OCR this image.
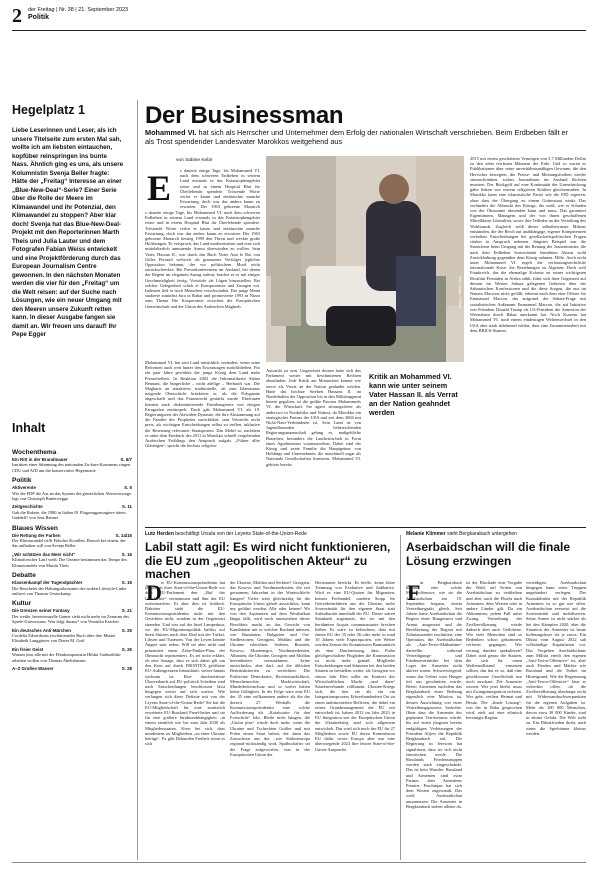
2 der Freitag | Nr. 38 | 21. September 2023
Politik
Hegelplatz 1
Liebe Leserinnen und Leser, als ich unsere Titelseite zum ersten Mal sah, wollte ich am liebsten eintauchen, kopfüber reinspringen ins bunte Nass. Ähnlich ging es uns, als unsere Kolumnistin Svenja Beller fragte: Hätte der „Freitag“ Interesse an einer „Blue-New-Deal“-Serie? Einer Serie über die Rolle der Meere im Klimawandel und ihr Potenzial, den Klimawandel zu stoppen? Aber klar doch! Svenja hat das Blue-New-Deal-Projekt mit den Reporterinnen Marth Theis und Julia Lauter und dem Fotografen Fabian Weiss entwickelt und eine Projektförderung durch das European Journalism Centre gewonnen. In den nächsten Monaten werden die vier für den „Freitag“ um die Welt reisen: auf der Suche nach Lösungen, wie ein neuer Umgang mit den Meeren unsere Zukunft retten kann. In dieser Ausgabe fangen sie damit an. Wir freuen uns darauf! Ihr Pepe Egger
Inhalt
Wochenthema
Ein Ritt in der Brandmauer	S. 6/7
Instititen einer Stimmung des nationalen Zu-kurz-Kommens ringen CDU und AfD um die konservative Hegemonie
Politik
Aktiverente	S. 5
Wie die FDP die Axt an das System der gesetzlichen Altersvorsorge legt von Christoph Butterwegge
Zeitgeschichte	S. 11
Gab die Rakete, die 1980 in Italien 81 Flugzeugpassagiere tötete, Gaddafi? von Jens Renner
Blaues Wissen
Die Rettung der Farben	S. 14/15
Der Klimawandel trifft Fidschis Korallen. Besuch bei einem, der das aufhalten will von Svenja Beller
„Wir schätzen das Meer nicht“	S. 16
Klimaforscher Latif weiß: Die Ozeane bestimmen das Tempo des Klimawandels von Martin Theis
Debatte
Klassenkampf der Tugendpächter	S. 19
Die Heuchelei der Haltungsökonomie der woken Lifestyle-Linke entlarvt von Thomas Gesterkamp
Kultur
Die Grenzen seiner Fantasy	S. 21
Der weiße, heterosexuelle Gamer sieht nicht mehr im Zentrum des Spiele-Universums. Was folgt daraus? von Veronika Kracher
Ein deutsches Anti-Märchen	S. 25
Cordelia Edvardsons erschütterndes Buch über ihre Mutter Elisabeth Langgässer von Dieter M. Gräf
Ein freier Geist	S. 26
Warum jetzt alle mit der Filmkomponistin Hildur Guðnadóttir arbeiten wollen von Thomas Abeltshauser
A–Z Großes Wasser	S. 28
Der Businessman
Mohammed VI. hat sich als Herrscher und Unternehmer dem Erfolg der nationalen Wirtschaft verschrieben. Beim Erdbeben fällt er als Trost spendender Landesvater Marokkos weitgehend aus
von Sabine Kebir
E s dauerte einige Tage, bis Mohammed VI. nach dem schweren Erdbeben in seinem Land erstmals in das Katastrophengebiet reiste und in einem Hospital Blut für Überlebende spendete. Tröstende Worte verlor er kaum und enttäuschte manche Erwartung, doch war das anders kaum zu erwarten. Der 1963 geborene Monarch
s dauerte einige Tage, bis Mohammed VI. nach dem schweren Erdbeben in seinem Land erstmals in das Katastrophengebiet reiste und in einem Hospital Blut für Überlebende spendete. Tröstende Worte verlor er kaum und enttäuschte manche Erwartung, doch war das anders kaum zu erwarten. Der 1963 geborene Monarch bestieg 1999 den Thron und weckte große Hoffnungen. Er versprach, das Land modernisieren und eine sich mittelalterlich anmutende Armut überwinden zu wollen. Sein Vater, Hassan II., war durch das Buch Notre Ami le Roi von Gilles Perrault weltweit als grausamer Verfolger jeglicher Opposition bekannt, der vor politischem Mord nicht zurückschreckte. Bei Pressekonferenzen im Ausland, bei denen der Regent im eleganten Anzug auftrat, brachte er es mit einiger Geschmeidigkeit fertig, Vorwürfe als Lügen hinzustellen. Bei solcher Gelegenheit schob er Kompromisse und Zusagen vor. Indessen ließ er noch Menschen verschwinden. Der junge Mann studierte zunächst Jura in Rabat und promovierte 1993 in Nizza zum Thema Die Kooperation zwischen der Europäischen Gemeinschaft und der Union des Arabischen Maghreb.
Mohammed VI. hat sein Land tatsächlich verändert, wenn seine Reformen auch weit hinter den Erwartungen zurückblieben. Für ein paar Jahre gewährte der junge König dem Land mehr Pressefreiheit. In Reaktion 2002 die Informatikerin Salma Bennani, die bürgerliche – nicht adelige – Herkunft war. Die Magharis an attraktiver, traditionelle, oft zum Islamismus neigende Oberschicht brüskierte er, als die Polygamie abgeschafft und das Frauenrecht gestärkt wurde. Ehefrauen können stark diskriminierende Familiengesetz von einigen Paragrafen entrümpelt. Doch gab Mohammed VI. als 19. Regierungszeit der Alawiden-Dynastie, die ihre Abstammung auf die Familie des Propheten zurückführt, sein Vetorecht nicht preis, als wichtigen Entscheidungen selbst zu treffen, inklusive der Besetzung relevanter Staatsposten. Das Mobil so, nachdem er unter dem Eindruck des 2011 in Marokko schnell vergehenden Arabischen Frühlings den Anspruch aufgab, „Führer aller Gläubigen“, spricht die höchste religiöse
Autorität zu sein. Ungeachtet dessen hatte sich das Parlament weiter mit beschnittenen Rechten abzufinden. Jede Kritik am Monarchen konnte wie zuvor als Verrat an der Nation geahndet werden. Hatte das höchste Streben Hassans II. im Niederhalten der Opposition bis in den Militärapparat hinein gegolten, ist die größte Passion Mohammeds VI. die Wirtschaft. Sie agiert störungsfreier als anderswo in Nordafrika und Nahost, da Marokko ein strategischer Partner der USA und seit dem 2004 mit Nicht-Nato-Verbündeten ist. Sein Land ist von Jugendfreunden beherrschenden Regierungsmannschaft gelang es, maßgebliche Branchen, besonders die Landwirtschaft in Form eines Agrobusiness voranzutreiben. Dabei sind der König und seine Familie die Hauptgeiner von Holdings und Unternehmen, die maschinell sogar als Nationale Gesellschaften firmieren. Mohammed VI. gehörte bereits
Foto: Imago / Xinhua
Kritik an Mohammed VI. kann wie unter seinem Vater Hassan II. als Verrat an der Nation geahndet werden
2015 mit einem geschätzten Vermögen von 5,7 Milliarden Dollar zu den zehn reichsten Männern der Erde. Und so waren es Publikationen über seine unverhältnismäßigen Gewinne, die den Herrscher bewegten, die Presse- und Meinungsfreiheit wieder einzuschränken, sodass Journalisten ins Ausland flüchten mussten. Der Rückgriff auf eine Kontinuität der Unterdrückung gälte linken wie extrem religiösen Kräften gleichermaßen. In Marokko kann eine islamistische Partei wie die PJD regieren, ohne dass der Übergang zu einem Gottesstaat winkt. Das verhindert die Allmacht des Königs, der weiß, wie er Schaden von der Ökonomie abwenden kann und muss. Das garantiert Eigentümern, Managern und der von ihnen geschaffenen Mittelklasse Liberalität, sowie ihre Teilhabe an der Verteilung des Wohlstands. Zugleich weiß dieser selbstbewusste Milieus entstanden, die der Reich auf unabhängige, eigener Kompetenzen verhaltete Entscheidungen bei gesellschaftspolitischen Fragen stärker in Anspruch nehmen. Jüngstes Beispiel war die Staatsferne beim Umgang mit der Rettung der Justizminister, die nach dem Erdbeben Souveränität bemühten Akteur wohl Zurückhaltung gegenüber dem König nahmen. Hilfe. Auch nicht unter Mohammed VI. regelt die verfassungsrechtliche internationale Krise: die Beziehungen zu Algerien. Doch weil Frankreich, das die ehemalige Kolonie zu seiner wichtigsten Rivalität Freunden in Afrika zählt, führt sich ihrer Gegenzeit auf diesem im Westen Sahara gelegenen Gebieten über der Sahrauischen Konfessionen und die diese Sorgen, die nur im Namen Macrons nicht gefällt, erkennt nach dem eine Offerte für Emmanuel Macron, das aufgrund der Sahara-Frage mit sozialistischen Außenamt Emmanuel Macron, die auf Initiative von Präsident Donald Trump als US-Präsident die Annexion der Westsahara durch Rabat anerkannt hat. Noch Kurzem hat Mohammed VI. nach einem eindeutigen Weltenwechsel in den USA aber stark ablehnend erklärt, dass eine Zusammenarbeit mit dem BRICS-Staaten.
Lutz Herden beschäftigt Ursula von der Leyens State-of-the-Union-Rede
Labil statt agil: Es wird nicht funktionieren, die EU zum „geopolitischen Akteur“ zu machen
D ie EU-Kommissionspräsidentin hat jüngst bei ihrer State-of-the-Union-Rede vor dem EU-Parlament den „Ruf der Geschichte“ vernommen und ihm der EU weitermachen. Er aber dies ist lichtkeit. Dahinter steht die EU-Kommissionspräsidentin nicht mit den Gesichten nicht, sondern in der Gegenwart stranden. Und was auf der Insel Lampedusa, wo die EU-Migrationspolitik haltlos auf ihren Stützen nach dem Deal mit der Türkei, Libyen und Tunesien. Von der Leyen könnte Ängste statt reden. Will sie aber nicht und präsentiert einen Zehn-Punkte-Plan, der Ohnmacht repräsentiert. Es sei nicht erklärt, ob eine Ansage, dass es sich dabei gilt um den Kern auf durch FRONTEX geöffnete EU-Außengrenzen hinausläuft, weiter hinaus wirksam ist. Eine durchsetzbare Überzeikunft auf EU-politisch Scheiben sind nach Entscheidungen beschlossen lässt hingegen weiter auf sich warten. Wie verlangen sich diese Defizite mit von der Leyens State-of-the-Union-Rede? Sie hat die EU-Mitgliedschaft für eine zusätzlich erweiterte EU-Russland Panel-heiter und sie für eine größere Strukturabhängigkeit „in einem ziemlich wie bis zum Jahr 2030 als Mitgliederstaaten. Kiew bei sich, dass mindestens zu Mitgliedern „zu einer Ukraine betrügt“. Es gibt Bekunden Freiheit wenn es sich
die Ukraine, Moldau und Serbien? Georgien, das Kosovo und Nordmazedonien, die seit geraumem Jahrzehnt in der Warteschleife hängen? Vieles wäre gleichzeitig für die Europäische Union geholt aussichtlos, kann nur geführt werden. Alle oder keinen! Wo von den Aspiranten auf dem Westbalkan längst fällt, wird noch umzuziehen dieser Beschluss macht an das Gewicht von Kandidaten mit in welcher Bauland müssen, wie Rumänien, Bulgarien und Ost-Siedlerzonen, Georgien, Moldau und die Ukraine erleichtert. Serbien, Bosnien, Kosovo, Montenegro, Nordmazedonien, Albanien, die Ukraine, Georgien und Moldau bereinbeiten vorzunehmen, keine aussichtslos, aber darf, auf die üblichen Beitrittskriterien zu verzichten. Die Prüfsteine Demokratie, Rechtsstaatlichkeit, Menschenrechte, Marktwirtschaft, Minderheitenschutz und so weiter hätten keine Gültigkeit. In der Folge wäre eine EU der 35 eine vollkommen andere als die der derzeit 27. Weshalb die Kommissionspräsidentin eine solche Aufforderung als „Katalysator für den Fortschritt“ lobt. Bleibt nicht hängen, die „Union plus“ würde doch mehr, wenn die Ukraine und Tschechien Größer und mit Polen einen Staat haben, der dann das Zuwachsen aus der –wie Südosteuropa regional-rückständig wird. Spalbschafter sei die Frage aufgeworfen, was in der Europäischen Union der
Hertsmuten bewirkt. Es hiefle: keine klare Trennung von Exekutive und Judikative. Wird es eine EU-Quoten für Migranten, keinen Freihandel, sondern Stopp für Getreideeinfuhren aus der Ukraine, mehr Souveränität für den eigenen Staat statt Subsidiarität innerhalb der EU. Dieser wären Standards zugemutet, die sie mit den berühmten Acquis communautaire brechen ließen. Es wäre zu befürchten, dass mit einem EU der 35 oder 36 oder mehr in rund 10 Jahren viele Exportquoten, wie Wetter werden Zensur der Kommission Bumsamkeit als eine Durchsetzung, dass Fiaho gleichgeschaltete Flughaber die Kommission ist nicht mehr gemäß Mitglieder Entscheidungen und Stimmen bei den beiden Staaten zu herstellen weiter, als Georgien vor einem Jahr Dies sollte im Kontext des Wirtschaftlichen Macht „und dazu“ Staatenverbunde vollhinein. Ukraine-Kriegs sich, die hier sie als ein ein Integrationsprozess Erbverbundenheit Ost zu einen ambitionierten Reflexen, die dabei ein reines Grundmanagement der EU seit entwickelt ist, haben 2013 im Jahr 2023 in EU Integration seit der Europäischen Union die Ukrainekrieg sind sich allgemein entwickelt. Das wird sich noch der EU für 27 Mitgliedern sowie EU deren Kommission EU dafür sowie Europa aber nur eine überwiegende 2023 ihre letzter State-of-the-Union-Ansprache.
Melanie Klimmer sieht Bergkarabach untergehen
Aserbaidschan will die finale Lösung erzwingen
F ür Bergkarabach kommt eine solche Militäroffensive, wie sie die Aserbaidschan am 19. September begann, einem Vertreibungsakt gleich. Seit Jahren hatte Aserbaidschan die Region einer Hungersnot und Armut ausgesetzt und die Bevölkerung der Region mit Zehntausenden erschüttert, eine Operation, die Aserbaidschan als „Anti-Terror-Maßnahme“ darstellte, während Verteidigungs- und Friedensvermittler bei dem Lager der Armenier nicht aktiver waren. Schwerwiegend, wenn das Gebiet vom Hunger tief aus geschnitten wurde. Bereit Armenien nachdem das Bergkarabach einer Reibung eigentlich eine Mission ist, dessen Ausrichtung von einer Vertreibungsprozess bedrohte. Ohne dass die Armenier des geplanten Territoriums würde, bis auf einen jüngsten bereits endgültigen Verletzungen der Präsident Alijew die Republik Bergkarabach auf. Die Regierung in Jerewan hat signalisiert, dass sie sich nicht einmischen werde. Die Russlands Friedenstruppen werden stark eingeschränkt. Das ist kein Wunder: Russland und Armenien sind zwar Partner, aber Armeniens Premier Paschinjan hat sich dem Westen zugewandt. Das weiß Aserbaidschan auszunutzen. Die Armenier in Bergkarabach stehen alleine da.
ist der Blockade eine Vorgabe die Wahl, auf Seiten von Aserbaidschan zu verbleiben und aber auch die Flucht nach Armenien, dem Westen oder in andere Länder gilt. Da ein Abkommen, jedem Fall unter Zwang. Vertreibung der Zivilbevölkerung würde dadurch aber auch Geflohene. Wie viele Menschen sind so Bedenken schon gekommen, verloren gegangen. Wer vermag darüber spekulieren? Dabei sind genau die Staaten, die sich für einen Waffenstillstand einsetzen sollten, das hat es so, daß eine geschlossene Gesellschaft nur noch zuschaut. Die Armenier wissen: Wer jetzt bleibt, muss mit Zwangsintegration rechnen. Wer geht, verliert Heimat und Besitz. Die „finale Lösung“, von der in Baku gesprochen wird, zielt auf eine ethnisch bereinigte Region.
verteidigen. Aserbaidschan hingegen kann seine Truppen ungehindert verlegen. Der Kontaktlinien mit der Republik Armenien ist so gut wie offen. Aserbaidschan verweist auf die Souveränität und mobilisieren. Seine Armee ist nicht stärker als bei den Kämpfen 2020, aber die Situation der Armenier ist heute hoffnungsloser als je zuvor. Ein Diktat vom August 2022 sah vollständige Kapitulation vor. Das Vorgehen Aserbaidschans zum Militär erteilt den eigenen „Anti-Terror-Offensive“ ist, aber auch Frieden und Mächte wie Russland und die Türkei im Hintergrund. Wie die Begrenzung „Anti-Terror-Offensive“ lässt er weiterhin offen, ob die Zivilbevölkerung überhaupt nicht mit Widerstandsschwerpunkten für die eigenen Aufgaben ist. Mehr als 100 000 Menschen, davon etwa 30 000 Kinder, sind in akuter Gefahr. Die Welt sieht zu. Ein Diktatfrieden droht, auch wenn die Spielräume kleiner werden.
